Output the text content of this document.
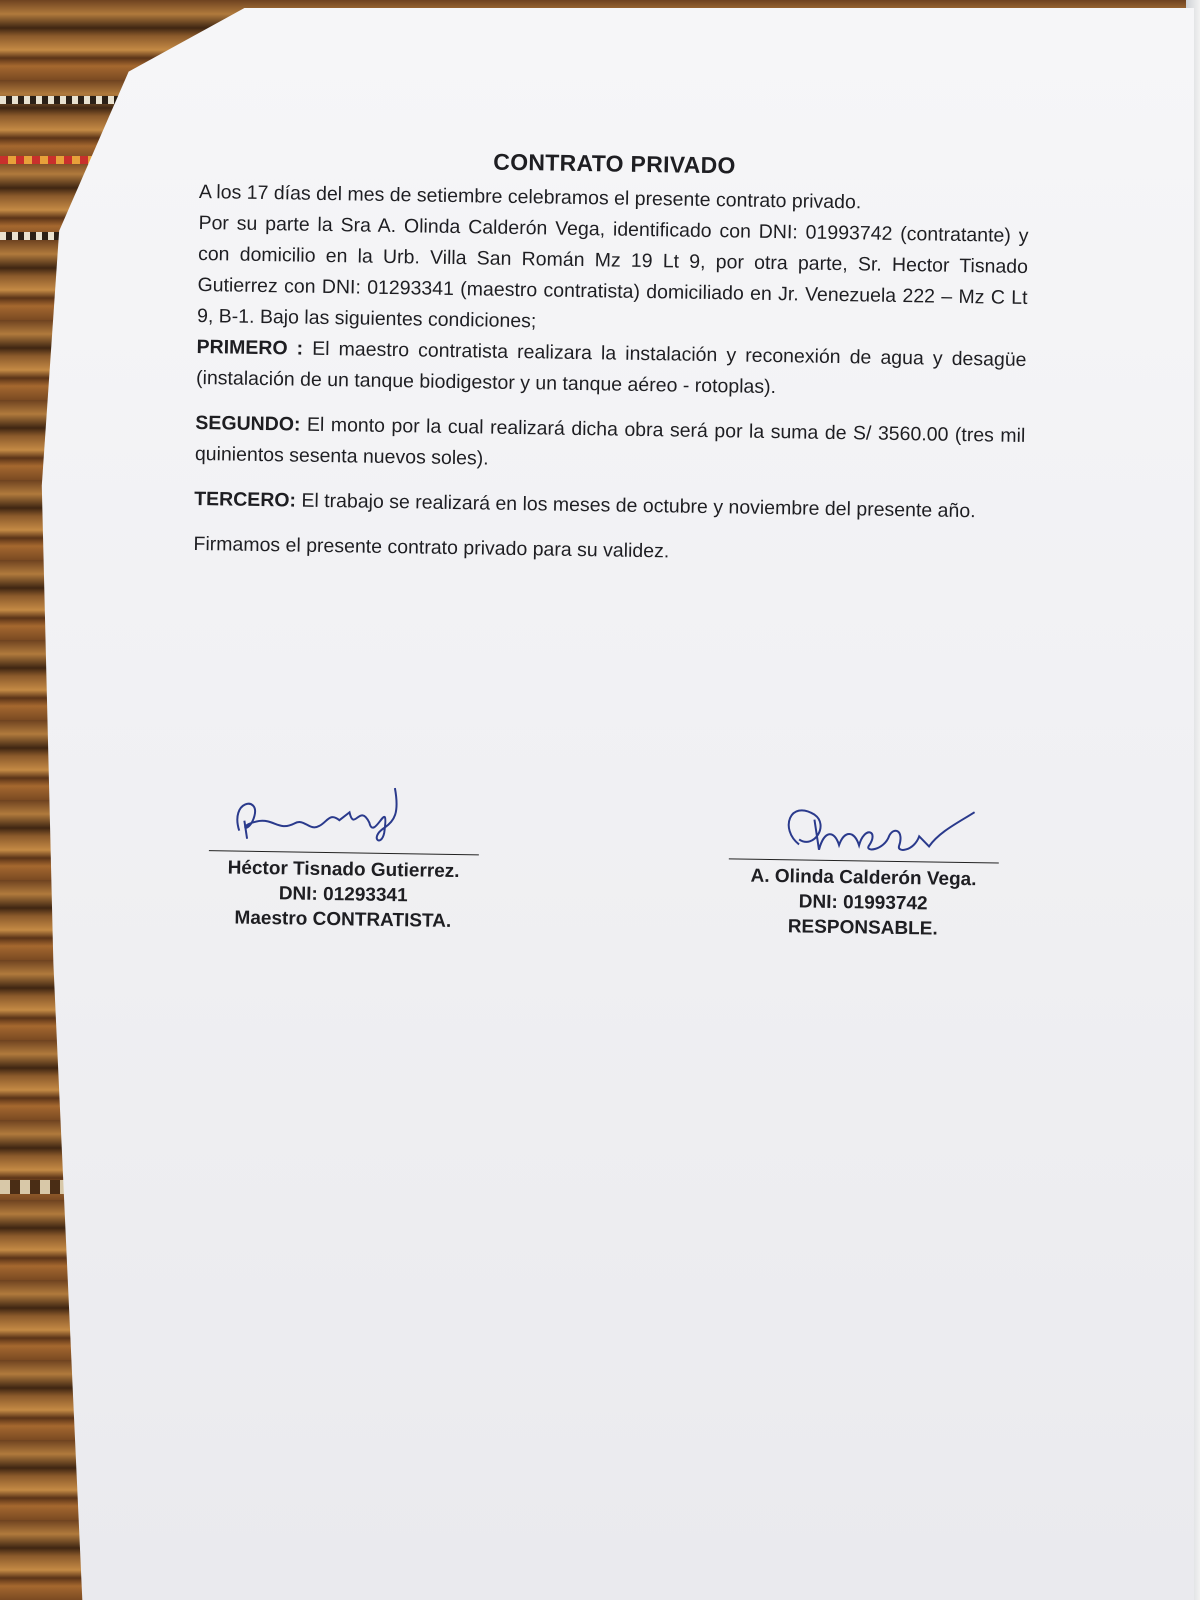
CONTRATO PRIVADO

A los 17 días del mes de setiembre celebramos el presente contrato privado.

Por su parte la Sra A. Olinda Calderón Vega, identificado con DNI: 01993742 (contratante) y con domicilio en la Urb. Villa San Román Mz 19 Lt 9, por otra parte, Sr. Hector Tisnado Gutierrez con DNI: 01293341 (maestro contratista) domiciliado en Jr. Venezuela 222 – Mz C Lt 9, B-1. Bajo las siguientes condiciones;

PRIMERO : El maestro contratista realizara la instalación y reconexión de agua y desagüe (instalación de un tanque biodigestor y un tanque aéreo - rotoplas).

SEGUNDO: El monto por la cual realizará dicha obra será por la suma de S/ 3560.00 (tres mil quinientos sesenta nuevos soles).

TERCERO: El trabajo se realizará en los meses de octubre y noviembre del presente año.

Firmamos el presente contrato privado para su validez.

Héctor Tisnado Gutierrez.
DNI: 01293341
Maestro CONTRATISTA.
A. Olinda Calderón Vega.
DNI: 01993742
RESPONSABLE.
